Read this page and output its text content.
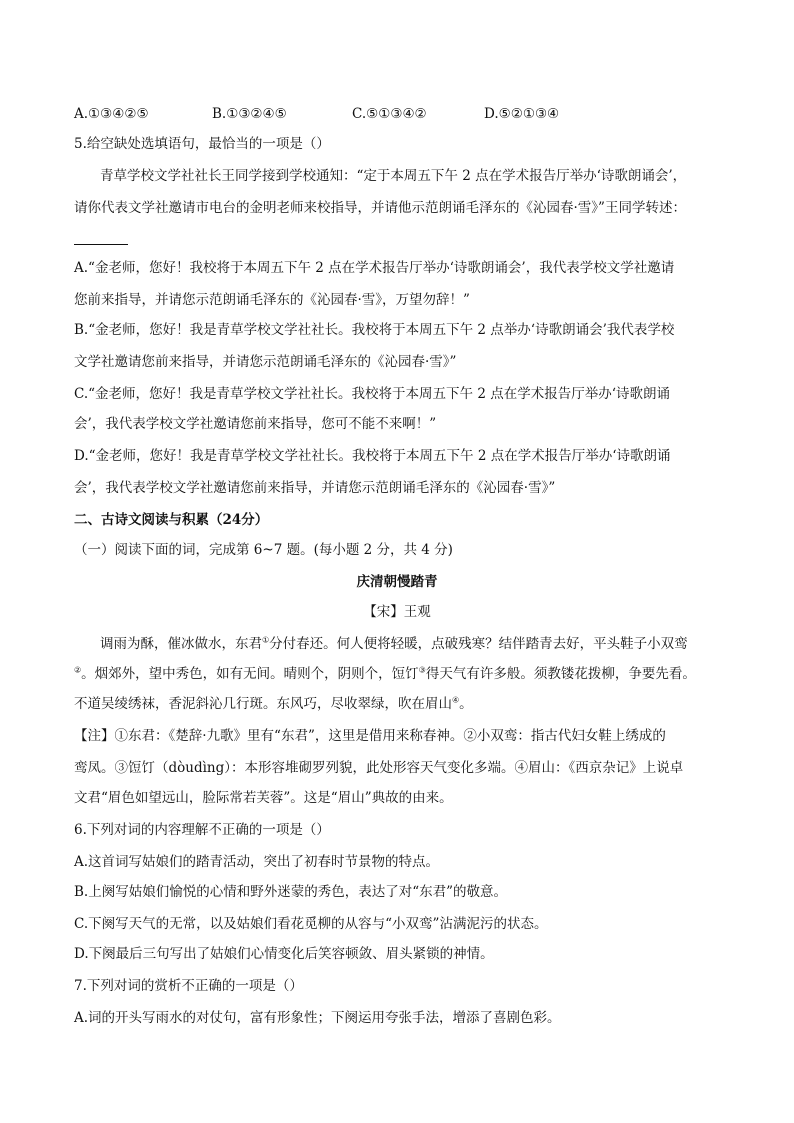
A.①③④②⑤	B.①③②④⑤	C.⑤①③④②	D.⑤②①③④
5.给空缺处选填语句，最恰当的一项是（）
青草学校文学社社长王同学接到学校通知：“定于本周五下午 2 点在学术报告厅举办‘诗歌朗诵会’，
请你代表文学社邀请市电台的金明老师来校指导，并请他示范朗诵毛泽东的《沁园春·雪》”王同学转述：
A.“金老师，您好！我校将于本周五下午 2 点在学术报告厅举办‘诗歌朗诵会’，我代表学校文学社邀请
您前来指导，并请您示范朗诵毛泽东的《沁园春·雪》，万望勿辞！”
B.“金老师，您好！我是青草学校文学社社长。我校将于本周五下午 2 点举办‘诗歌朗诵会’我代表学校
文学社邀请您前来指导，并请您示范朗诵毛泽东的《沁园春·雪》”
C.“金老师，您好！我是青草学校文学社社长。我校将于本周五下午 2 点在学术报告厅举办‘诗歌朗诵
会’，我代表学校文学社邀请您前来指导，您可不能不来啊！”
D.“金老师，您好！我是青草学校文学社社长。我校将于本周五下午 2 点在学术报告厅举办‘诗歌朗诵
会’，我代表学校文学社邀请您前来指导，并请您示范朗诵毛泽东的《沁园春·雪》”
二、古诗文阅读与积累（24分）
（一）阅读下面的词，完成第 6~7 题。(每小题 2 分，共 4 分)
庆清朝慢踏青
【宋】王观
调雨为酥，催冰做水，东君①分付春还。何人便将轻暖，点破残寒？结伴踏青去好，平头鞋子小双鸾
②。烟郊外，望中秀色，如有无间。晴则个，阴则个，饾饤③得天气有许多般。须教镂花拨柳，争要先看。
不道吴绫绣袜，香泥斜沁几行斑。东风巧，尽收翠绿，吹在眉山④。
【注】①东君：《楚辞·九歌》里有“东君”，这里是借用来称春神。②小双鸾：指古代妇女鞋上绣成的
鸾凤。③饾饤（dòudìng）：本形容堆砌罗列貌，此处形容天气变化多端。④眉山：《西京杂记》上说卓
文君“眉色如望远山，脸际常若芙蓉”。这是“眉山”典故的由来。
6.下列对词的内容理解不正确的一项是（）
A.这首词写姑娘们的踏青活动，突出了初春时节景物的特点。
B.上阕写姑娘们愉悦的心情和野外迷蒙的秀色，表达了对“东君”的敬意。
C.下阕写天气的无常，以及姑娘们看花觅柳的从容与“小双鸾”沾满泥污的状态。
D.下阕最后三句写出了姑娘们心情变化后笑容顿敛、眉头紧锁的神情。
7.下列对词的赏析不正确的一项是（）
A.词的开头写雨水的对仗句，富有形象性；下阕运用夸张手法，增添了喜剧色彩。
